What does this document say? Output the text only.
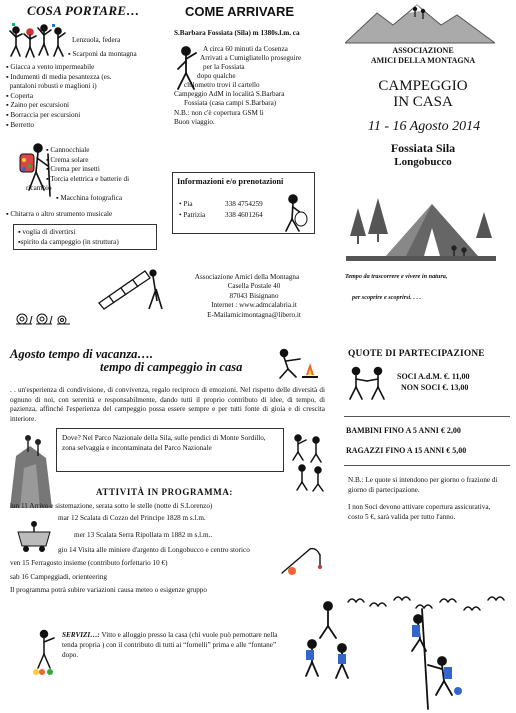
COSA PORTARE…
Lenzuola, federa
▪ Scarponi da montagna
▪ Giacca a vento impermeabile
▪ Indumenti di media pesantezza (es.
pantaloni robusti e maglioni i)
▪ Coperta
▪ Zaino per escursioni
▪ Borraccia per escursioni
▪ Berretto
▪ Cannocchiale
▪ Crema solare
▪ Crema per insetti
▪ Torcia elettrica e batterie di
ricambio
▪ Macchina fotografica
▪ Chitarra o altro strumento musicale
▪ voglia di divertirsi
▪spirito da campeggio (in struttura)
COME ARRIVARE
S.Barbara Fossiata (Sila) m 1380s.l.m. ca
A circa 60 minuti da Cosenza
Arrivati a Cumigliatello proseguire
per la Fossiata
dopo qualche
chilometro trovi il cartello
Campeggio AdM in località S.Barbara
Fossiata (casa campi S.Barbara)
N.B.: non c'è copertura GSM li
Buon viaggio.
Informazioni e/o prenotazioni
• Pia	338 4754259
• Patrizia	338 4601264
Associazione Amici della Montagna
Casella Postale 40
87043 Bisignano
Internet : www.admcalabria.it
E-Mailamicimontagna@libero.it
ASSOCIAZIONE
AMICI DELLA MONTAGNA
CAMPEGGIO
IN CASA
11 - 16 Agosto 2014
Fossiata Sila
Longobucco
Tempo da trascorrere e vivere in natura,
per scoprire e scoprirsi. . . .
Agosto tempo di vacanza….
tempo di campeggio in casa
. . un'esperienza di condivisione, di convivenza, regalo reciproco di emozioni. Nel rispetto delle diversità di ognuno di noi, con serenità e responsabilmente, dando tutti il proprio contributo di idee, di tempo, di pazienza, affinché l'esperienza del campeggio possa essere sempre e per tutti fonte di gioia e di crescita interiore.
Dove? Nel Parco Nazionale della Sila, sulle pendici di Monte Sordillo, zona selvaggia e incontaminata del Parco Nazionale
ATTIVITÀ IN PROGRAMMA:
lun 11 Arrivo e sistemazione, serata sotto le stelle (notte di S.Lorenzo)
mar 12 Scalata di Cozzo del Principe 1828 m s.l.m.
mer 13 Scalata Serra Ripollata m 1882 m s.l.m..
gio 14 Visita alle miniere d'argento di Longobucco e centro storico
ven 15 Ferragosto insieme (contributo forfettario 10 €)
sab 16 Campeggiadi, orienteering
Il programma potrà subire variazioni causa meteo o esigenze gruppo
SERVIZI…: Vitto e alloggio presso la casa (chi vuole può pernottare nella tenda propria ) con il contributo di tutti ai “fornelli” prima e alle “fontane” dopo.
QUOTE DI PARTECIPAZIONE
SOCI A.d.M. €. 11,00
NON SOCI €. 13,00
BAMBINI FINO A 5 ANNI € 2,00
RAGAZZI FINO A 15 ANNI € 5,00
N.B.: Le quote si intendono per giorno o frazione di giorno di partecipazione.
I non Soci devono attivare copertura assicurativa, costo 5 €, sarà valida per tutto l'anno.
